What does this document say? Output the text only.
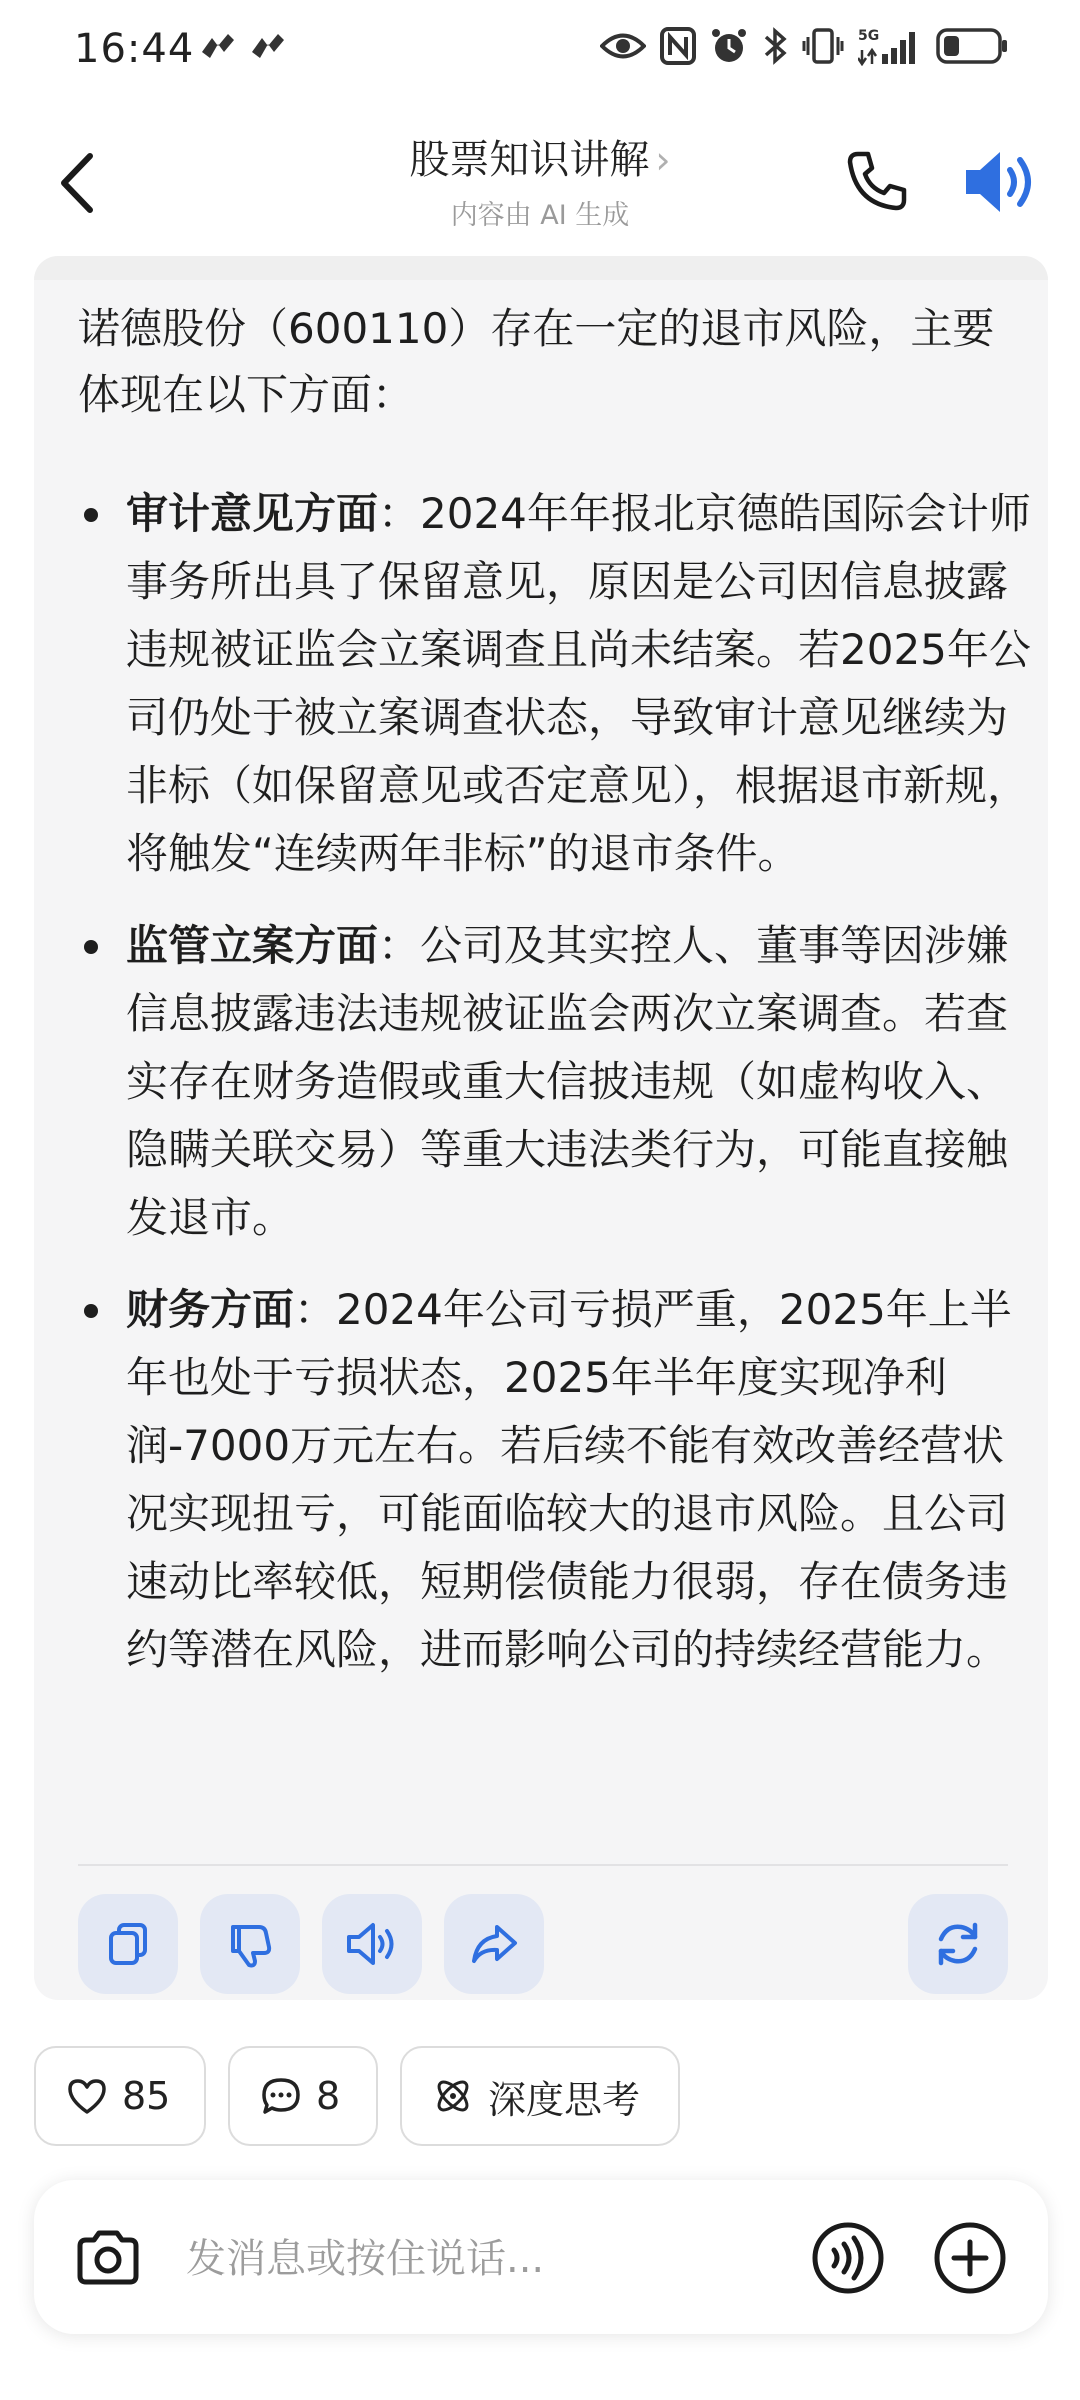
16:44	5G
股票知识讲解 ›
内容由 AI 生成
诺德股份（600110）存在一定的退市风险，主要体现在以下方面：
审计意见方面：2024年年报北京德皓国际会计师事务所出具了保留意见，原因是公司因信息披露违规被证监会立案调查且尚未结案。若2025年公司仍处于被立案调查状态，导致审计意见继续为非标（如保留意见或否定意见），根据退市新规，将触发“连续两年非标”的退市条件。
监管立案方面：公司及其实控人、董事等因涉嫌信息披露违法违规被证监会两次立案调查。若查实存在财务造假或重大信披违规（如虚构收入、隐瞒关联交易）等重大违法类行为，可能直接触发退市。
财务方面：2024年公司亏损严重，2025年上半年也处于亏损状态，2025年半年度实现净利润-7000万元左右。若后续不能有效改善经营状况实现扭亏，可能面临较大的退市风险。且公司速动比率较低，短期偿债能力很弱，存在债务违约等潜在风险，进而影响公司的持续经营能力。
85	8	深度思考
发消息或按住说话...
